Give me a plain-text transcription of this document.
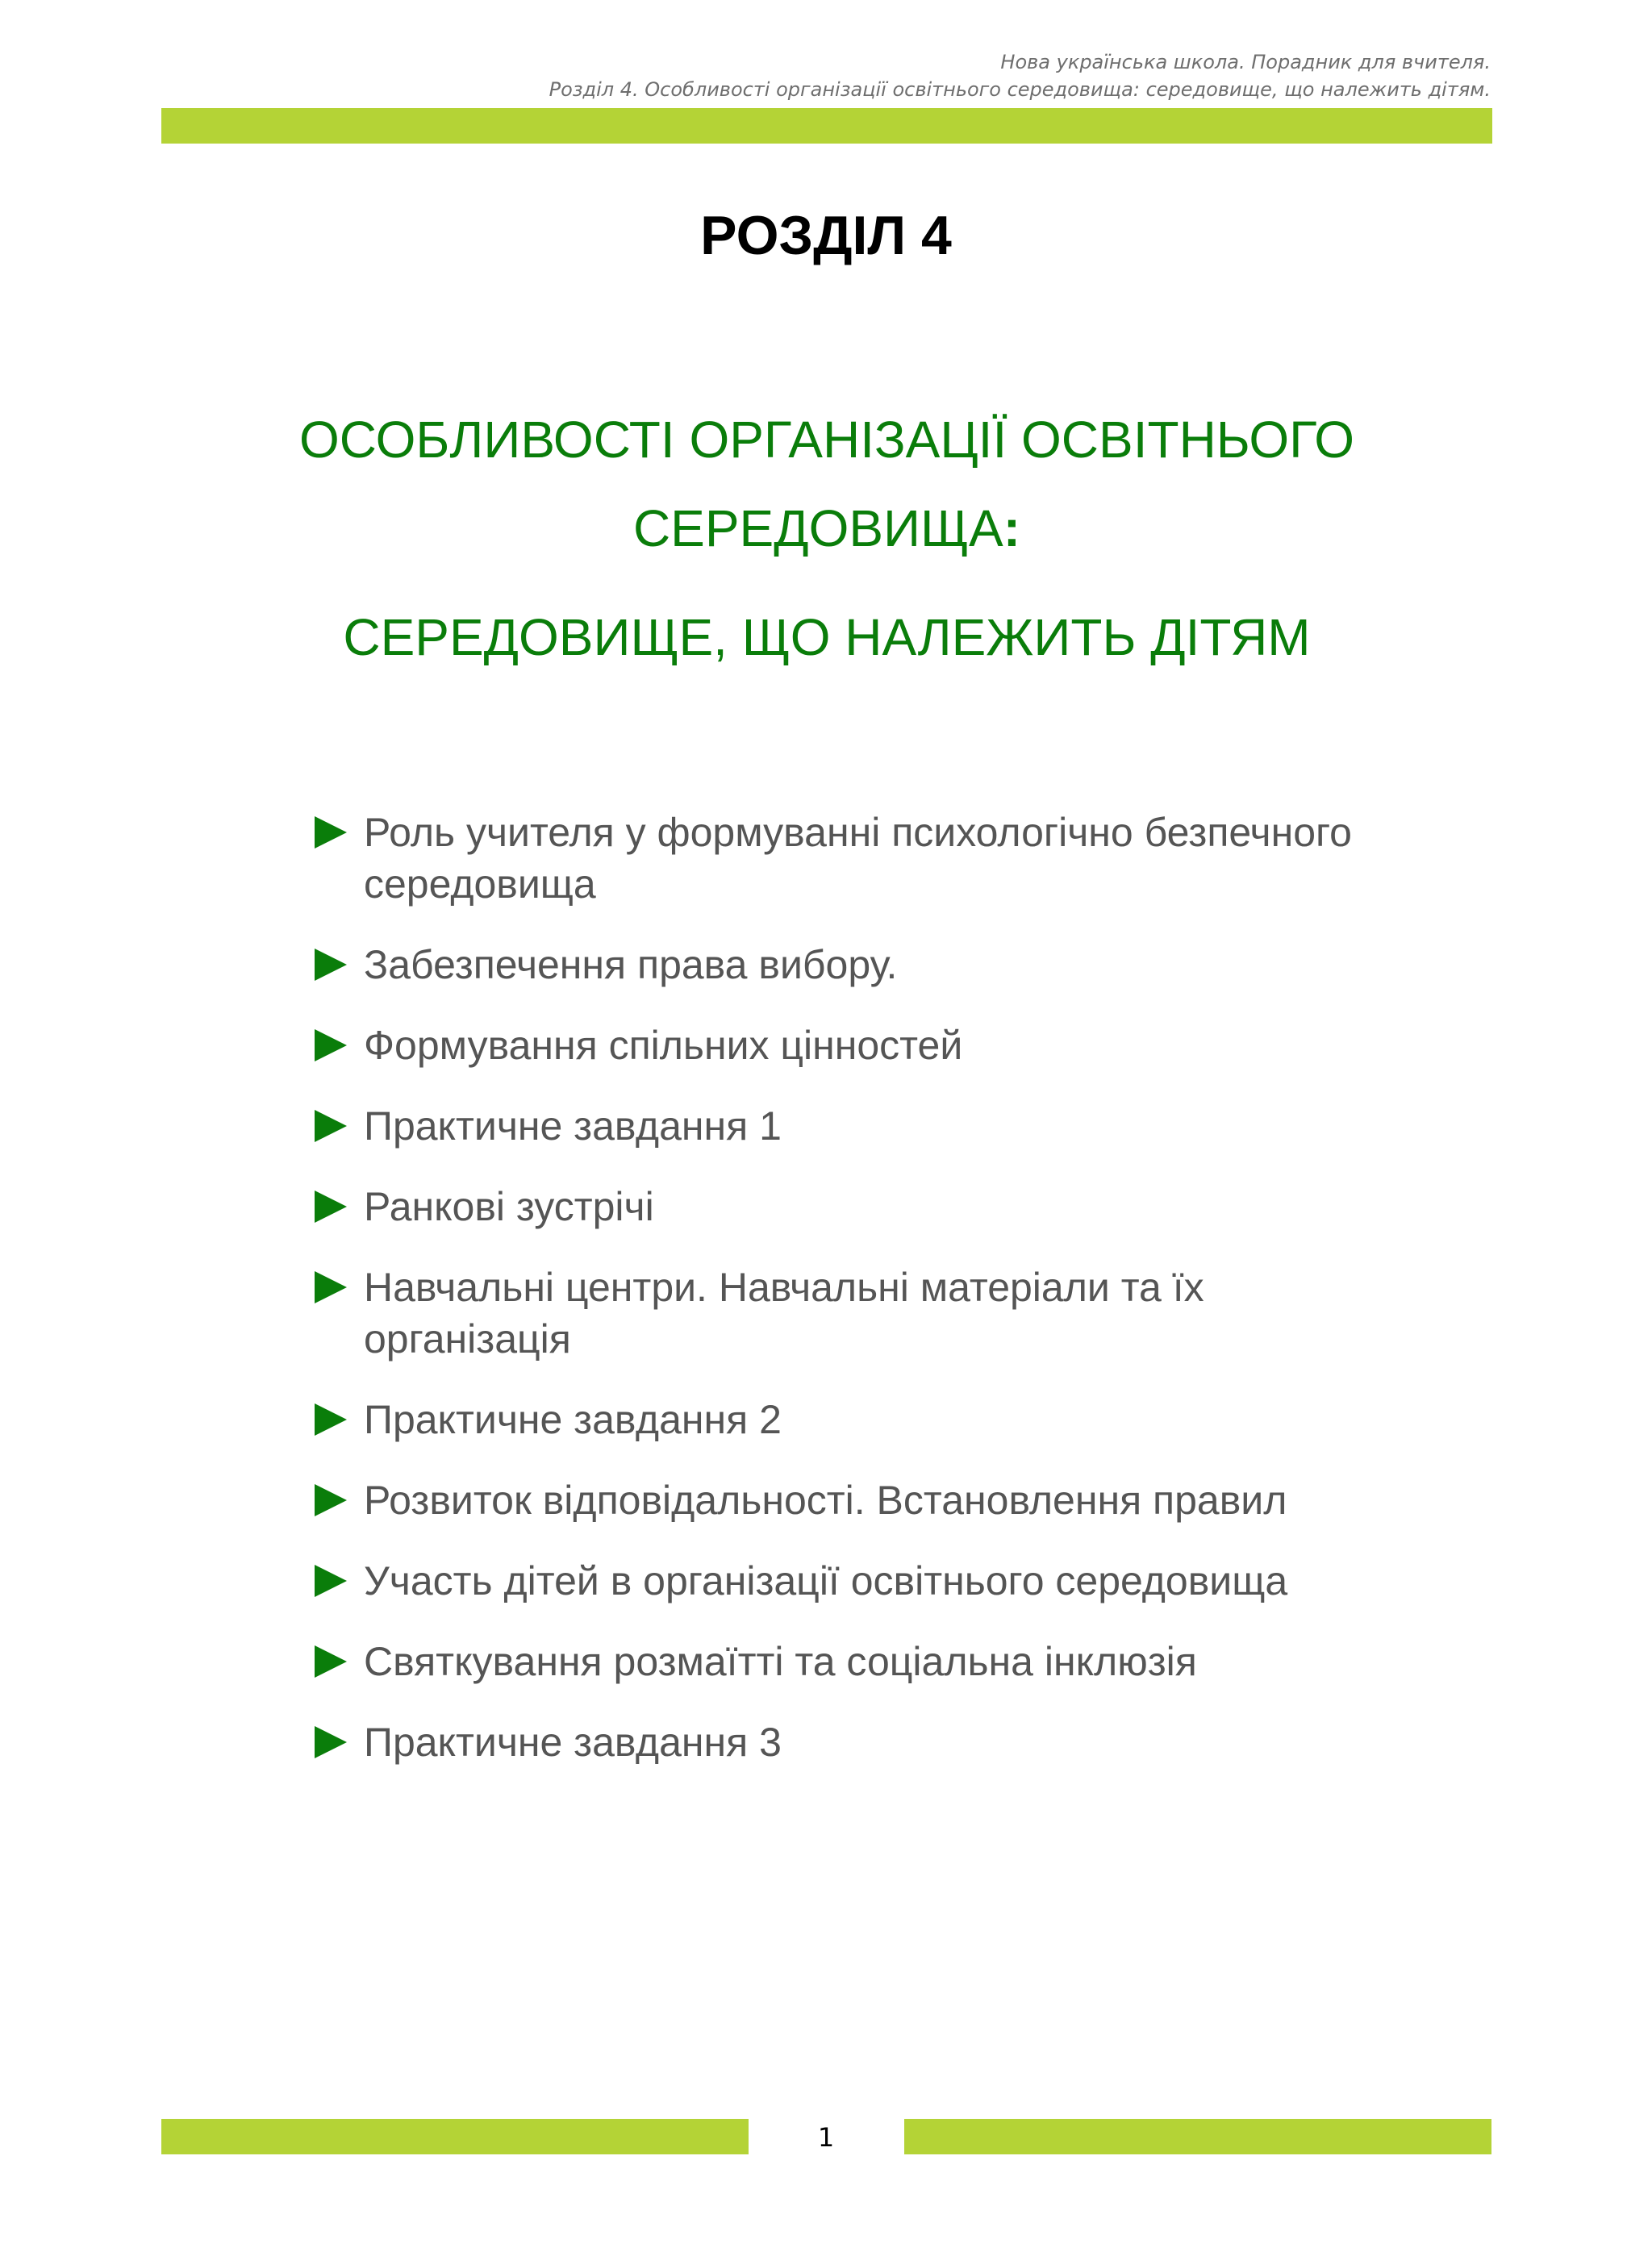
Нова українська школа. Порадник для вчителя.
Розділ 4. Особливості організації освітнього середовища: середовище, що належить дітям.
РОЗДІЛ 4
ОСОБЛИВОСТІ ОРГАНІЗАЦІЇ ОСВІТНЬОГО
СЕРЕДОВИЩА:
СЕРЕДОВИЩЕ, ЩО НАЛЕЖИТЬ ДІТЯМ
Роль учителя у формуванні психологічно безпечного середовища
Забезпечення права вибору.
Формування спільних цінностей
Практичне завдання 1
Ранкові зустрічі
Навчальні центри. Навчальні матеріали та їх організація
Практичне завдання 2
Розвиток відповідальності. Встановлення правил
Участь дітей в організації освітнього середовища
Святкування розмаїтті та соціальна інклюзія
Практичне завдання 3
1
